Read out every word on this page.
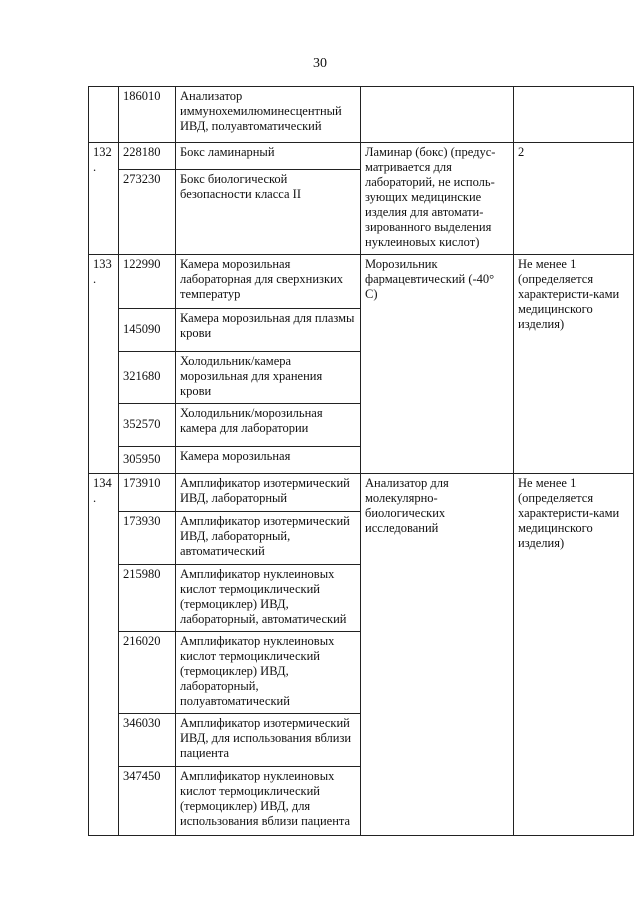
30
	186010	Анализатор иммунохемилюминесцентный ИВД, полуавтоматический		
132.	228180	Бокс ламинарный	Ламинар (бокс) (предус-матривается для лабораторий, не исполь-зующих медицинские изделия для автомати-зированного выделения нуклеиновых кислот)	2
	273230	Бокс биологической безопасности класса II		
133.	122990	Камера морозильная лабораторная для сверхнизких температур	Морозильник фармацевтический (-40° С)	Не менее 1 (определяется характеристи-ками медицинского изделия)
	145090	Камера морозильная для плазмы крови		
	321680	Холодильник/камера морозильная для хранения крови		
	352570	Холодильник/морозильная камера для лаборатории		
	305950	Камера морозильная		
134.	173910	Амплификатор изотермический ИВД, лабораторный	Анализатор для молекулярно-биологических исследований	Не менее 1 (определяется характеристи-ками медицинского изделия)
	173930	Амплификатор изотермический ИВД, лабораторный, автоматический		
	215980	Амплификатор нуклеиновых кислот термоциклический (термоциклер) ИВД, лабораторный, автоматический		
	216020	Амплификатор нуклеиновых кислот термоциклический (термоциклер) ИВД, лабораторный, полуавтоматический		
	346030	Амплификатор изотермический ИВД, для использования вблизи пациента		
	347450	Амплификатор нуклеиновых кислот термоциклический (термоциклер) ИВД, для использования вблизи пациента		
